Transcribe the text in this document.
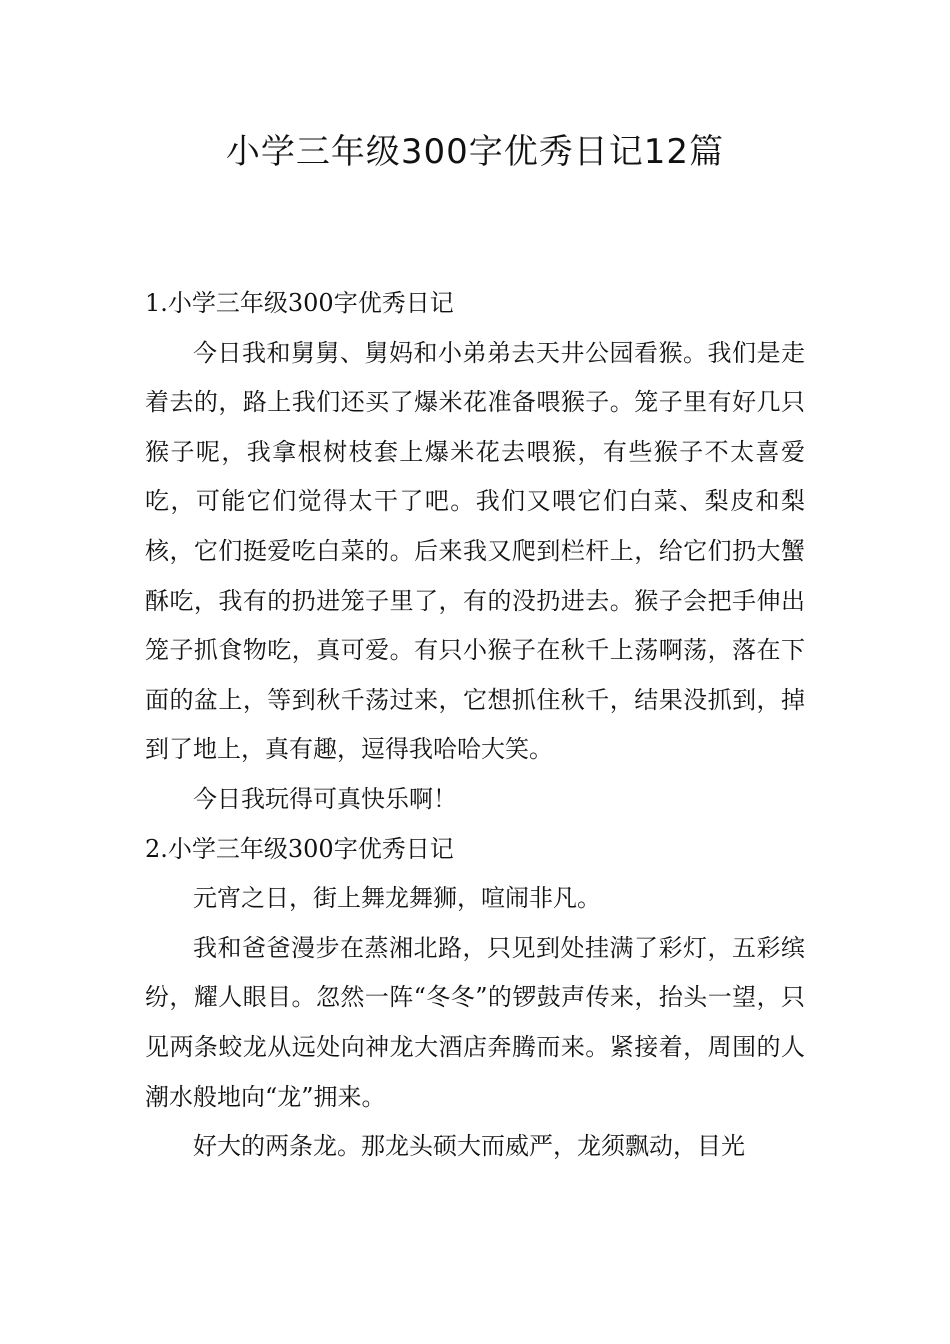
小学三年级300字优秀日记12篇

1.小学三年级300字优秀日记

今日我和舅舅、舅妈和小弟弟去天井公园看猴。我们是走着去的，路上我们还买了爆米花准备喂猴子。笼子里有好几只猴子呢，我拿根树枝套上爆米花去喂猴，有些猴子不太喜爱吃，可能它们觉得太干了吧。我们又喂它们白菜、梨皮和梨核，它们挺爱吃白菜的。后来我又爬到栏杆上，给它们扔大蟹酥吃，我有的扔进笼子里了，有的没扔进去。猴子会把手伸出笼子抓食物吃，真可爱。有只小猴子在秋千上荡啊荡，落在下面的盆上，等到秋千荡过来，它想抓住秋千，结果没抓到，掉到了地上，真有趣，逗得我哈哈大笑。

今日我玩得可真快乐啊！

2.小学三年级300字优秀日记

元宵之日，街上舞龙舞狮，喧闹非凡。

我和爸爸漫步在蒸湘北路，只见到处挂满了彩灯，五彩缤纷，耀人眼目。忽然一阵“冬冬”的锣鼓声传来，抬头一望，只见两条蛟龙从远处向神龙大酒店奔腾而来。紧接着，周围的人潮水般地向“龙”拥来。

好大的两条龙。那龙头硕大而威严，龙须飘动，目光
